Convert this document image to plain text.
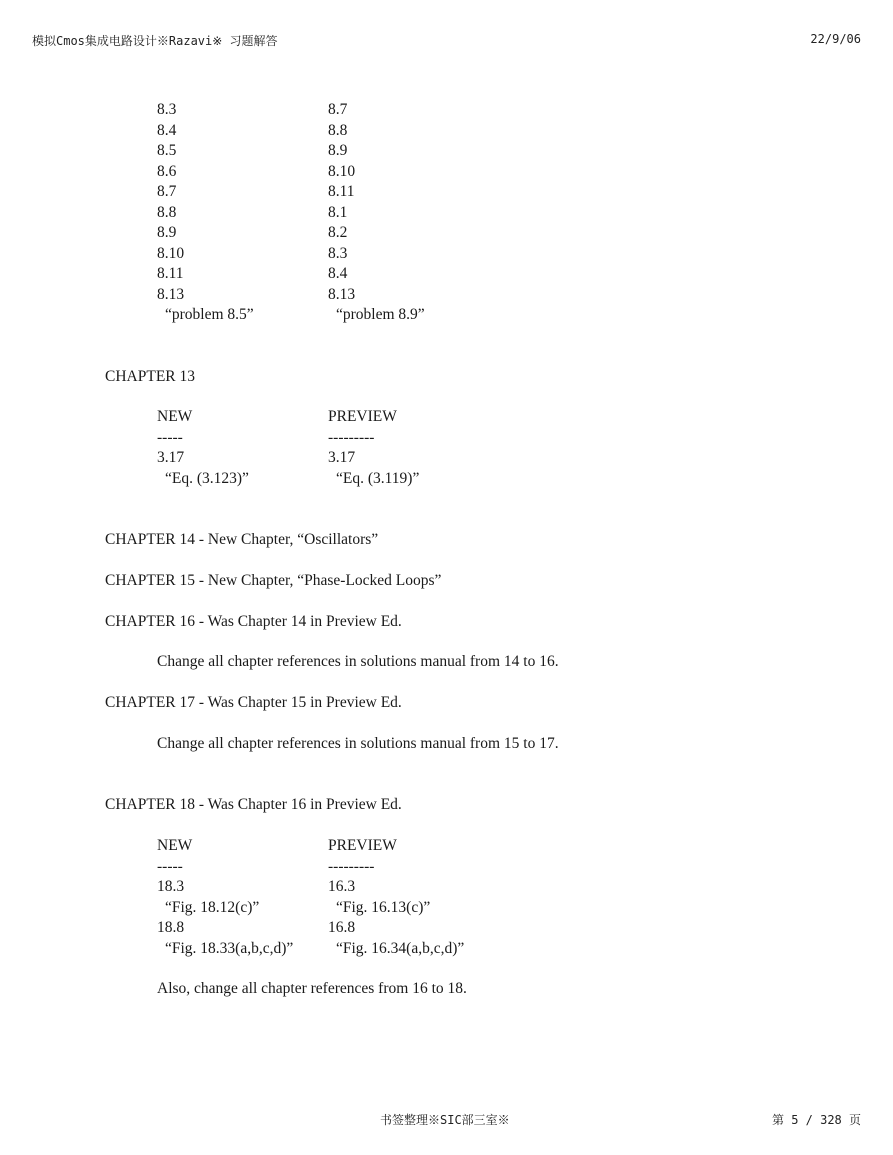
模拟Cmos集成电路设计※Razavi※ 习题解答	22/9/06
8.3	8.7
8.4	8.8
8.5	8.9
8.6	8.10
8.7	8.11
8.8	8.1
8.9	8.2
8.10	8.3
8.11	8.4
8.13	8.13
“problem 8.5”	“problem 8.9”
CHAPTER 13
NEW	PREVIEW
-----	---------
3.17	3.17
“Eq. (3.123)”	“Eq. (3.119)”
CHAPTER 14 - New Chapter, “Oscillators”
CHAPTER 15 - New Chapter, “Phase-Locked Loops”
CHAPTER 16 - Was Chapter 14 in Preview Ed.
Change all chapter references in solutions manual from 14 to 16.
CHAPTER 17 - Was Chapter 15 in Preview Ed.
Change all chapter references in solutions manual from 15 to 17.
CHAPTER 18 - Was Chapter 16 in Preview Ed.
NEW	PREVIEW
-----	---------
18.3	16.3
“Fig. 18.12(c)”	“Fig. 16.13(c)”
18.8	16.8
“Fig. 18.33(a,b,c,d)”	“Fig. 16.34(a,b,c,d)”
Also, change all chapter references from 16 to 18.
书签整理※SIC部三室※	第 5 / 328 页
